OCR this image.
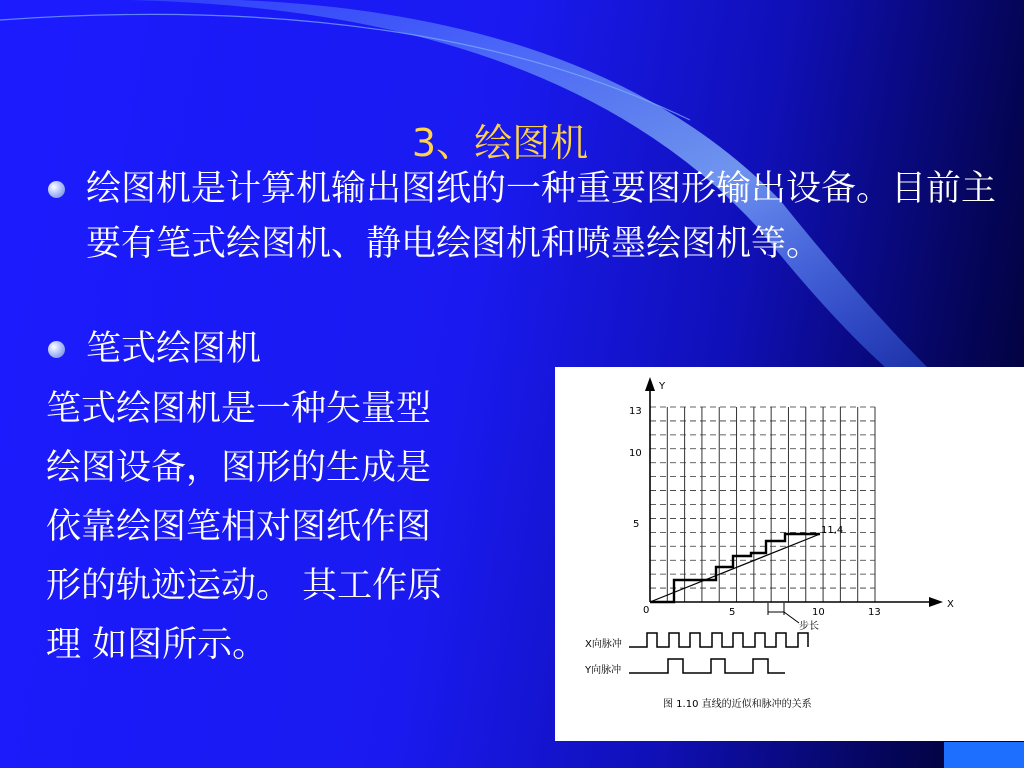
3、绘图机
绘图机是计算机输出图纸的一种重要图形输出设备。目前主要有笔式绘图机、静电绘图机和喷墨绘图机等。
笔式绘图机
笔式绘图机是一种矢量型
绘图设备，图形的生成是
依靠绘图笔相对图纸作图
形的轨迹运动。 其工作原
理 如图所示。
Y
X
13
10
5
0	5	10	13
11,4
步长
X向脉冲
Y向脉冲
图 1.10 直线的近似和脉冲的关系
